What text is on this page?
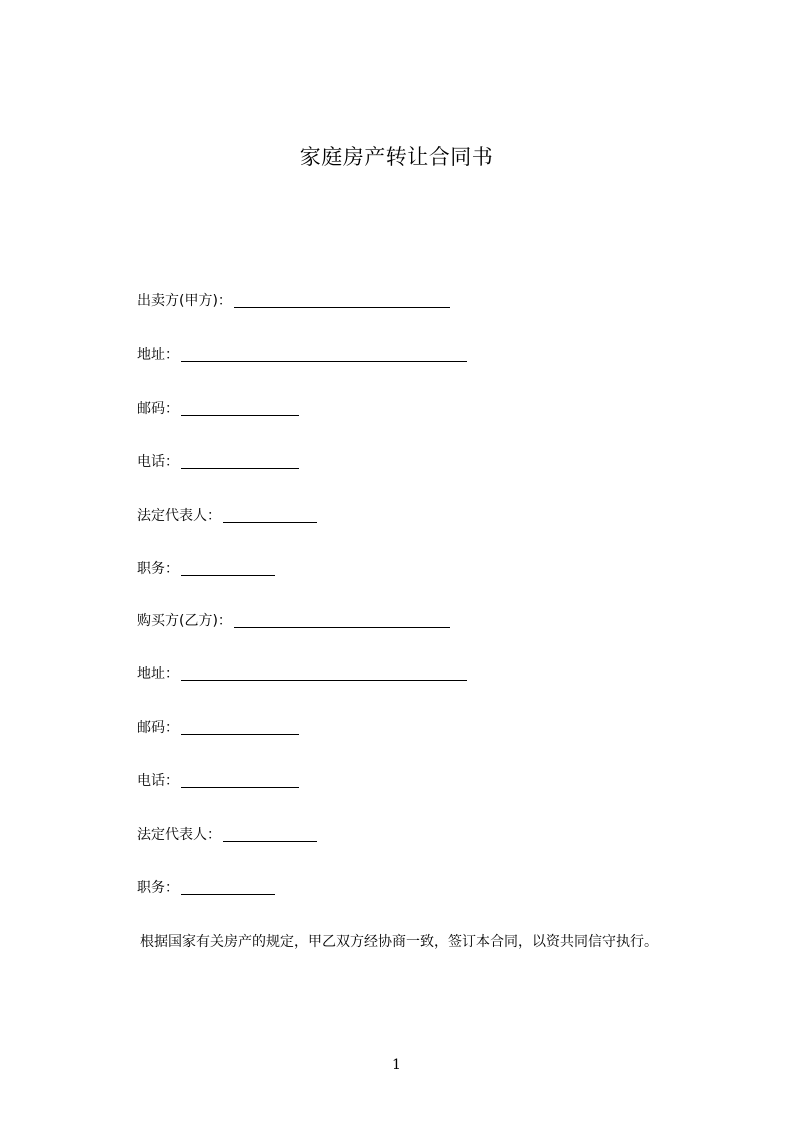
家庭房产转让合同书
出卖方(甲方)：
地址：
邮码：
电话：
法定代表人：
职务：
购买方(乙方)：
地址：
邮码：
电话：
法定代表人：
职务：
根据国家有关房产的规定，甲乙双方经协商一致，签订本合同，以资共同信守执行。
1
